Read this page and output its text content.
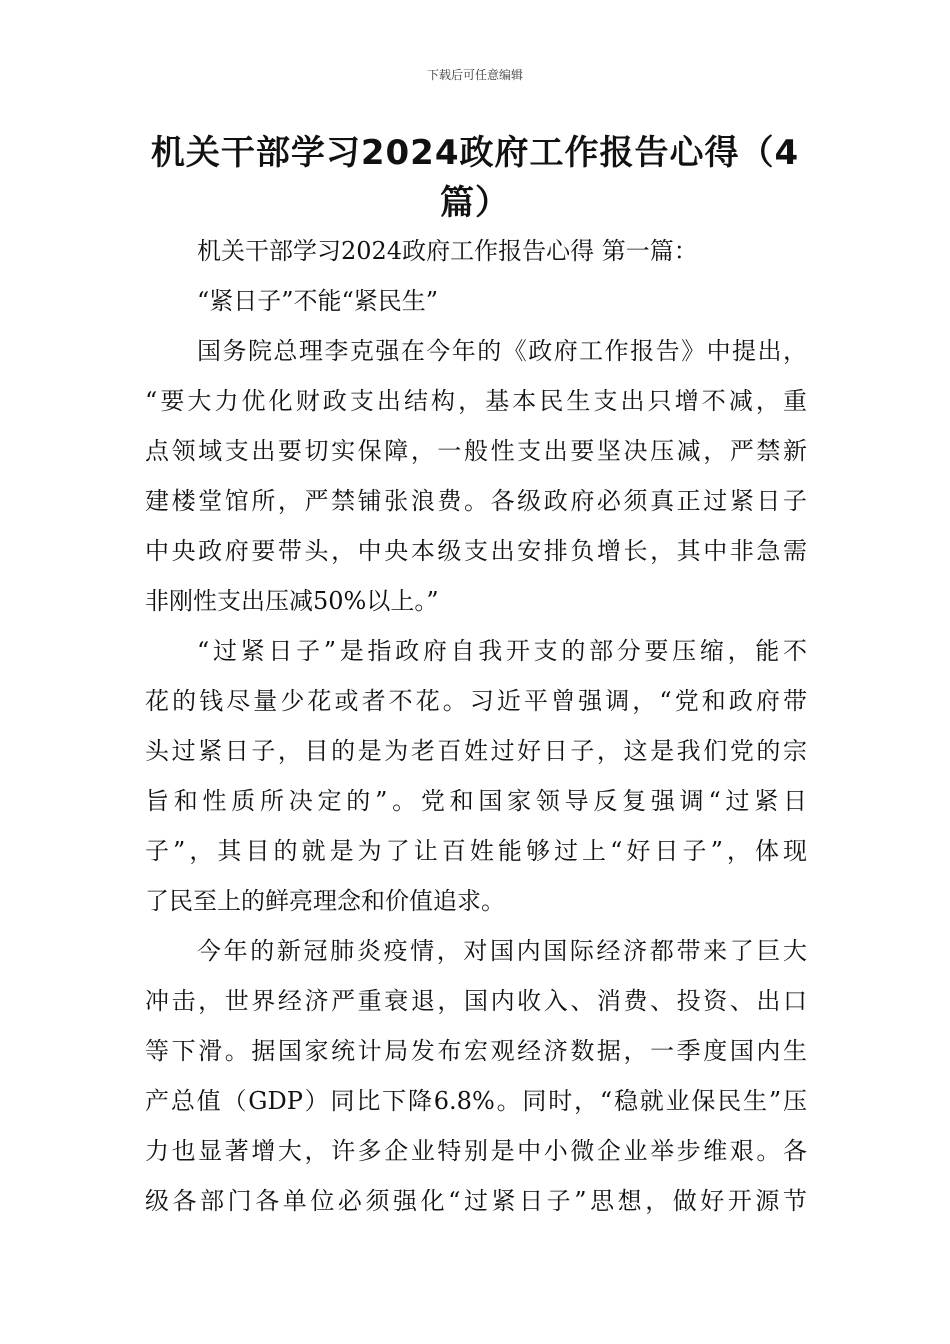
下载后可任意编辑
机关干部学习2024政府工作报告心得（4篇）
机关干部学习2024政府工作报告心得 第一篇：
“紧日子”不能“紧民生”
国务院总理李克强在今年的《政府工作报告》中提出，
“要大力优化财政支出结构，基本民生支出只增不减，重
点领域支出要切实保障，一般性支出要坚决压减，严禁新
建楼堂馆所，严禁铺张浪费。各级政府必须真正过紧日子
中央政府要带头，中央本级支出安排负增长，其中非急需
非刚性支出压减50%以上。”
“过紧日子”是指政府自我开支的部分要压缩，能不
花的钱尽量少花或者不花。习近平曾强调，“党和政府带
头过紧日子，目的是为老百姓过好日子，这是我们党的宗
旨和性质所决定的”。党和国家领导反复强调“过紧日
子”，其目的就是为了让百姓能够过上“好日子”，体现
了民至上的鲜亮理念和价值追求。
今年的新冠肺炎疫情，对国内国际经济都带来了巨大
冲击，世界经济严重衰退，国内收入、消费、投资、出口
等下滑。据国家统计局发布宏观经济数据，一季度国内生
产总值（GDP）同比下降6.8%。同时，“稳就业保民生”压
力也显著增大，许多企业特别是中小微企业举步维艰。各
级各部门各单位必须强化“过紧日子”思想，做好开源节
